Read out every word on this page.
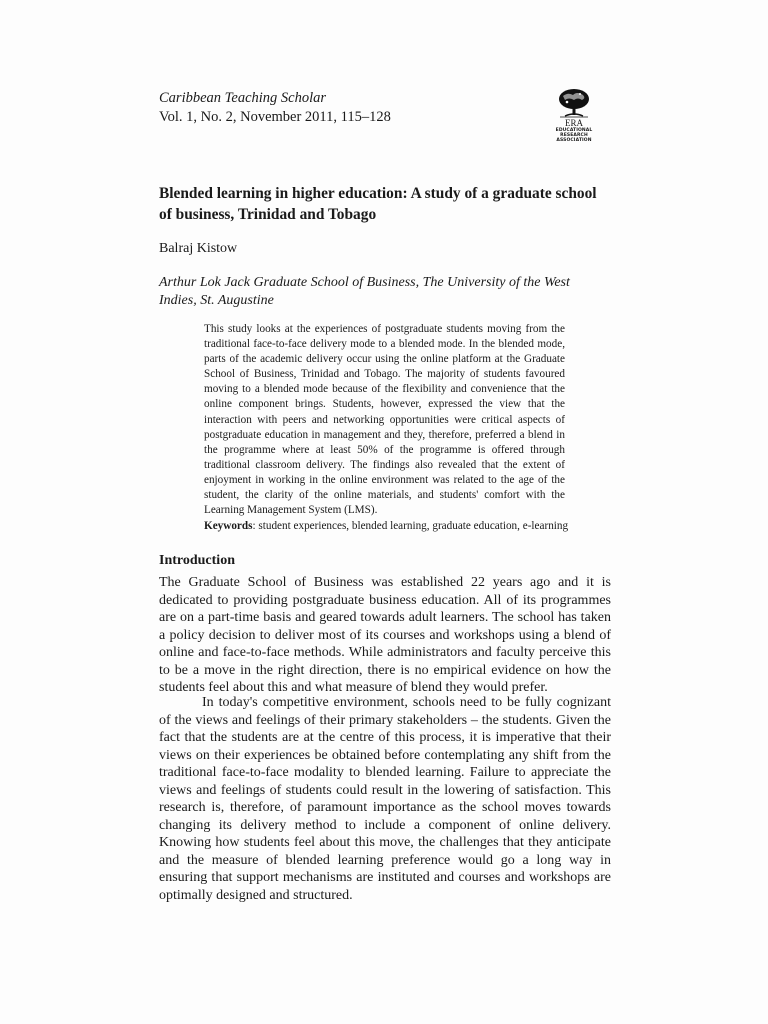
Caribbean Teaching Scholar
Vol. 1, No. 2, November 2011, 115–128	ERA
EDUCATIONAL RESEARCH ASSOCIATION
Blended learning in higher education: A study of a graduate school of business, Trinidad and Tobago
Balraj Kistow
Arthur Lok Jack Graduate School of Business, The University of the West Indies, St. Augustine

This study looks at the experiences of postgraduate students moving from the traditional face-to-face delivery mode to a blended mode. In the blended mode, parts of the academic delivery occur using the online platform at the Graduate School of Business, Trinidad and Tobago. The majority of students favoured moving to a blended mode because of the flexibility and convenience that the online component brings. Students, however, expressed the view that the interaction with peers and networking opportunities were critical aspects of postgraduate education in management and they, therefore, preferred a blend in the programme where at least 50% of the programme is offered through traditional classroom delivery. The findings also revealed that the extent of enjoyment in working in the online environment was related to the age of the student, the clarity of the online materials, and students' comfort with the Learning Management System (LMS).

Keywords: student experiences, blended learning, graduate education, e-learning
Introduction

The Graduate School of Business was established 22 years ago and it is dedicated to providing postgraduate business education. All of its programmes are on a part-time basis and geared towards adult learners. The school has taken a policy decision to deliver most of its courses and workshops using a blend of online and face-to-face methods. While administrators and faculty perceive this to be a move in the right direction, there is no empirical evidence on how the students feel about this and what measure of blend they would prefer.

In today's competitive environment, schools need to be fully cognizant of the views and feelings of their primary stakeholders – the students. Given the fact that the students are at the centre of this process, it is imperative that their views on their experiences be obtained before contemplating any shift from the traditional face-to-face modality to blended learning. Failure to appreciate the views and feelings of students could result in the lowering of satisfaction. This research is, therefore, of paramount importance as the school moves towards changing its delivery method to include a component of online delivery. Knowing how students feel about this move, the challenges that they anticipate and the measure of blended learning preference would go a long way in ensuring that support mechanisms are instituted and courses and workshops are optimally designed and structured.
